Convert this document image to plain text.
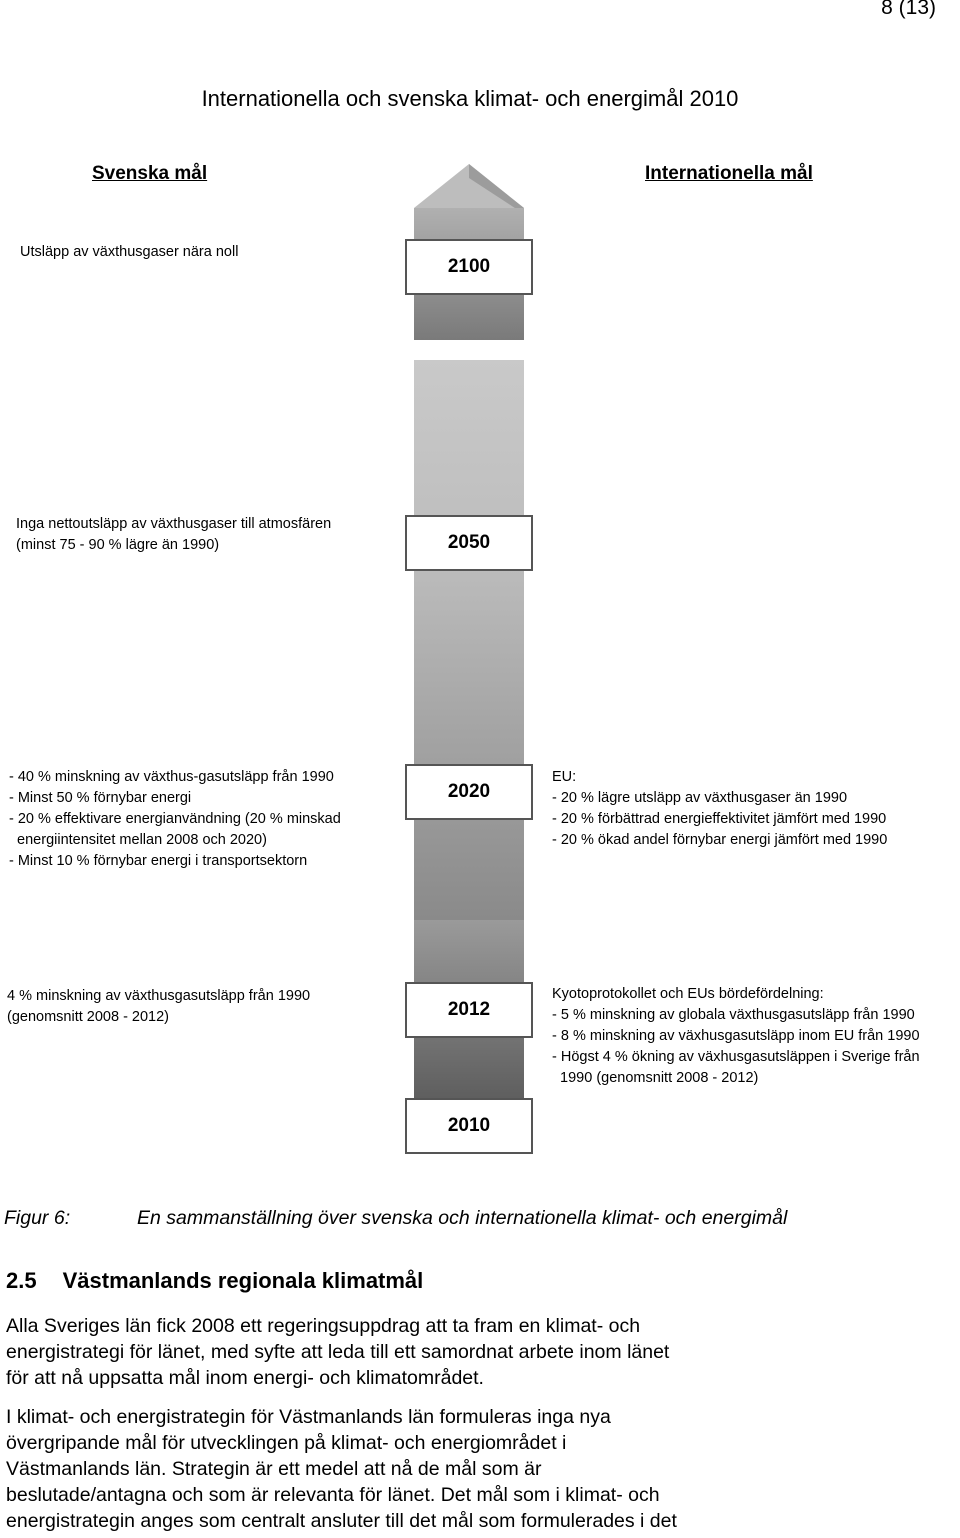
8 (13)
Internationella och svenska klimat- och energimål 2010
Svenska mål	Internationella mål
2100
2050
2020
2012
2010
Utsläpp av växthusgaser nära noll
Inga nettoutsläpp av växthusgaser till atmosfären
(minst 75 - 90 % lägre än 1990)
- 40 % minskning av växthus-gasutsläpp från 1990
- Minst 50 % förnybar energi
- 20 % effektivare energianvändning (20 % minskad
energiintensitet mellan 2008 och 2020)
- Minst 10 % förnybar energi i transportsektorn
4 % minskning av växthusgasutsläpp från 1990
(genomsnitt 2008 - 2012)
EU:
- 20 % lägre utsläpp av växthusgaser än 1990
- 20 % förbättrad energieffektivitet jämfört med 1990
- 20 % ökad andel förnybar energi jämfört med 1990
Kyotoprotokollet och EUs bördefördelning:
- 5 % minskning av globala växthusgasutsläpp från 1990
- 8 % minskning av växhusgasutsläpp inom EU från 1990
- Högst 4 % ökning av växhusgasutsläppen i Sverige från
1990 (genomsnitt 2008 - 2012)
Figur 6:	En sammanställning över svenska och internationella klimat- och energimål
2.5 Västmanlands regionala klimatmål
Alla Sveriges län fick 2008 ett regeringsuppdrag att ta fram en klimat- och
energistrategi för länet, med syfte att leda till ett samordnat arbete inom länet
för att nå uppsatta mål inom energi- och klimatområdet.
I klimat- och energistrategin för Västmanlands län formuleras inga nya
övergripande mål för utvecklingen på klimat- och energiområdet i
Västmanlands län. Strategin är ett medel att nå de mål som är
beslutade/antagna och som är relevanta för länet. Det mål som i klimat- och
energistrategin anges som centralt ansluter till det mål som formulerades i det
